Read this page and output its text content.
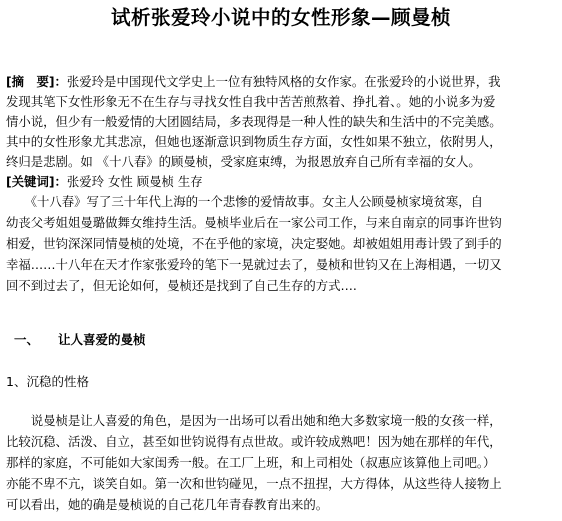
试析张爱玲小说中的女性形象—顾曼桢
[摘　要]：张爱玲是中国现代文学史上一位有独特风格的女作家。在张爱玲的小说世界，我
发现其笔下女性形象无不在生存与寻找女性自我中苦苦煎熬着、挣扎着、。她的小说多为爱
情小说，但少有一般爱情的大团圆结局，多表现得是一种人性的缺失和生活中的不完美感。
其中的女性形象尤其悲凉，但她也逐渐意识到物质生存方面，女性如果不独立，依附男人，
终归是悲剧。如 《十八春》的顾曼桢，受家庭束缚，为报恩放弃自己所有幸福的女人。
[关键词]：张爱玲 女性 顾曼桢 生存
　　《十八春》写了三十年代上海的一个悲惨的爱情故事。女主人公顾曼桢家境贫寒，自
幼丧父考姐姐曼璐做舞女维持生活。曼桢毕业后在一家公司工作，与来自南京的同事许世钧
相爱，世钧深深同情曼桢的处境，不在乎他的家境，决定娶她。却被姐姐用毒计毁了到手的
幸福……十八年在天才作家张爱玲的笔下一晃就过去了，曼桢和世钧又在上海相遇，一切又
回不到过去了，但无论如何，曼桢还是找到了自己生存的方式….
一、 让人喜爱的曼桢
1、沉稳的性格
　　说曼桢是让人喜爱的角色，是因为一出场可以看出她和绝大多数家境一般的女孩一样，
比较沉稳、活泼、自立，甚至如世钧说得有点世故。或许较成熟吧！因为她在那样的年代，
那样的家庭，不可能如大家闺秀一般。在工厂上班，和上司相处（叔惠应该算他上司吧。）
亦能不卑不亢，谈笑自如。第一次和世钧碰见，一点不扭捏，大方得体，从这些待人接物上
可以看出，她的确是曼桢说的自己花几年青春教育出来的。
